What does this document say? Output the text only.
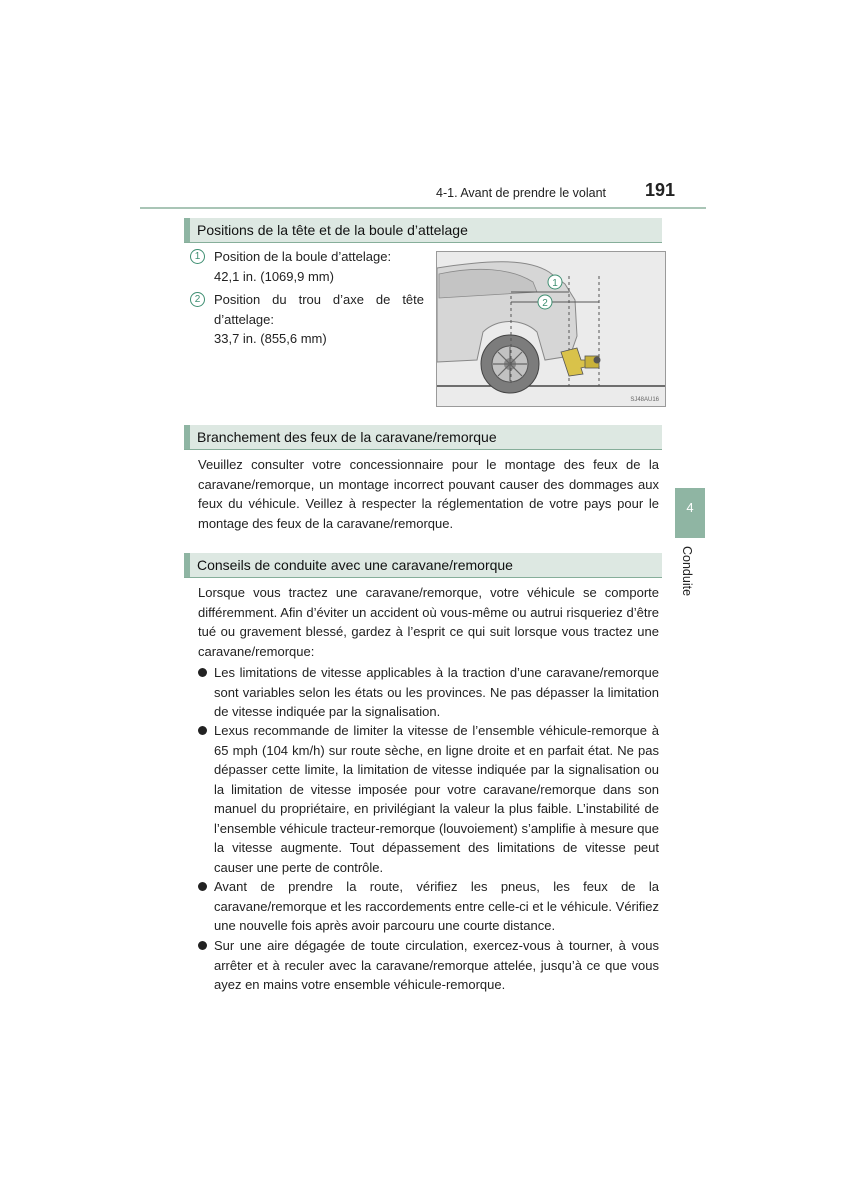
4-1. Avant de prendre le volant 191
Positions de la tête et de la boule d’attelage
1	Position de la boule d’attelage:
42,1 in. (1069,9 mm)
2	Position du trou d’axe de tête d’attelage:
33,7 in. (855,6 mm)
1
2
SJ48AU16
Branchement des feux de la caravane/remorque
Veuillez consulter votre concessionnaire pour le montage des feux de la caravane/remorque, un montage incorrect pouvant causer des dommages aux feux du véhicule. Veillez à respecter la réglementation de votre pays pour le montage des feux de la caravane/remorque.
Conseils de conduite avec une caravane/remorque
Lorsque vous tractez une caravane/remorque, votre véhicule se comporte différemment. Afin d’éviter un accident où vous-même ou autrui risqueriez d’être tué ou gravement blessé, gardez à l’esprit ce qui suit lorsque vous tractez une caravane/remorque:
Les limitations de vitesse applicables à la traction d’une caravane/remorque sont variables selon les états ou les provinces. Ne pas dépasser la limitation de vitesse indiquée par la signalisation.
Lexus recommande de limiter la vitesse de l’ensemble véhicule-remorque à 65 mph (104 km/h) sur route sèche, en ligne droite et en parfait état. Ne pas dépasser cette limite, la limitation de vitesse indiquée par la signalisation ou la limitation de vitesse imposée pour votre caravane/remorque dans son manuel du propriétaire, en privilégiant la valeur la plus faible. L’instabilité de l’ensemble véhicule tracteur-remorque (louvoiement) s’amplifie à mesure que la vitesse augmente. Tout dépassement des limitations de vitesse peut causer une perte de contrôle.
Avant de prendre la route, vérifiez les pneus, les feux de la caravane/remorque et les raccordements entre celle-ci et le véhicule. Vérifiez une nouvelle fois après avoir parcouru une courte distance.
Sur une aire dégagée de toute circulation, exercez-vous à tourner, à vous arrêter et à reculer avec la caravane/remorque attelée, jusqu’à ce que vous ayez en mains votre ensemble véhicule-remorque.
4
Conduite
